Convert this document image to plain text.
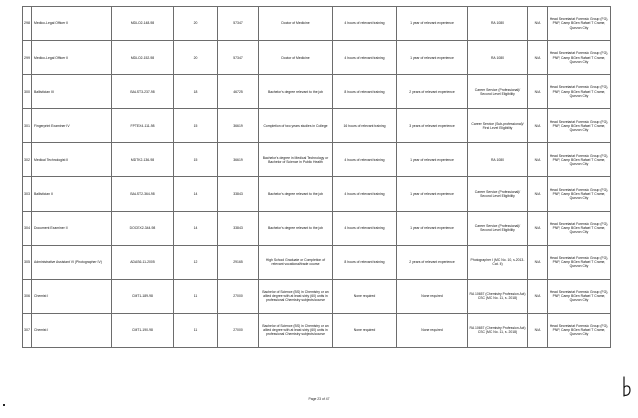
298	Medico-Legal Officer II	MDLO2-148-98	20	57347	Doctor of Medicine	4 hours of relevant training	1 year of relevant experience	RA 1080	N/A	Head Secretariat Forensic Group (FG), PNP, Camp BGen Rafael T Crame, Quezon City
299	Medico-Legal Officer II	MDLO2-152-98	20	57347	Doctor of Medicine	4 hours of relevant training	1 year of relevant experience	RA 1080	N/A	Head Secretariat Forensic Group (FG), PNP, Camp BGen Rafael T Crame, Quezon City
300	Ballistician III	BALST3-237-98	18	46725	Bachelor's degree relevant to the job	8 hours of relevant training	2 years of relevant experience	Career Service (Professional)/ Second Level Eligibility	N/A	Head Secretariat Forensic Group (FG), PNP, Camp BGen Rafael T Crame, Quezon City
301	Fingerprint Examiner IV	FPTEX4-111-98	15	36619	Completion of two years studies in College	16 hours of relevant training	3 years of relevant experience	Career Service (Sub-professional)/ First Level Eligibility	N/A	Head Secretariat Forensic Group (FG), PNP, Camp BGen Rafael T Crame, Quezon City
302	Medical Technologist II	MDTK2-136-98	15	36619	Bachelor's degree in Medical Technology or Bachelor of Science in Public Health	4 hours of relevant training	1 year of relevant experience	RA 1080	N/A	Head Secretariat Forensic Group (FG), PNP, Camp BGen Rafael T Crame, Quezon City
303	Ballistician II	BALST2-364-98	14	33843	Bachelor's degree relevant to the job	4 hours of relevant training	1 year of relevant experience	Career Service (Professional)/ Second Level Eligibility	N/A	Head Secretariat Forensic Group (FG), PNP, Camp BGen Rafael T Crame, Quezon City
304	Document Examiner II	DOCEX2-344-98	14	33843	Bachelor's degree relevant to the job	4 hours of relevant training	1 year of relevant experience	Career Service (Professional)/ Second Level Eligibility	N/A	Head Secretariat Forensic Group (FG), PNP, Camp BGen Rafael T Crame, Quezon City
305	Administrative Assistant VI (Photographer IV)	ADAS6-11-2005	12	29165	High School Graduate or Completion of relevant vocational/trade course	8 hours of relevant training	2 years of relevant experience	Photographer I (MC No. 10, s.2013-Cat. II)	N/A	Head Secretariat Forensic Group (FG), PNP, Camp BGen Rafael T Crame, Quezon City
306	Chemist I	CMT1-189-98	11	27000	Bachelor of Science (BS) in Chemistry or an allied degree with at least sixty (60) units in professional Chemistry subjects/course	None required	None required	RA 10657 (Chemistry Profession Act) CSC (MC No. 11, s. 2018)	N/A	Head Secretariat Forensic Group (FG), PNP, Camp BGen Rafael T Crame, Quezon City
307	Chemist I	CMT1-190-98	11	27000	Bachelor of Science (BS) in Chemistry or an allied degree with at least sixty (60) units in professional Chemistry subjects/course	None required	None required	RA 10657 (Chemistry Profession Act) CSC (MC No. 11, s. 2018)	N/A	Head Secretariat Forensic Group (FG), PNP, Camp BGen Rafael T Crame, Quezon City
Page 23 of 47
